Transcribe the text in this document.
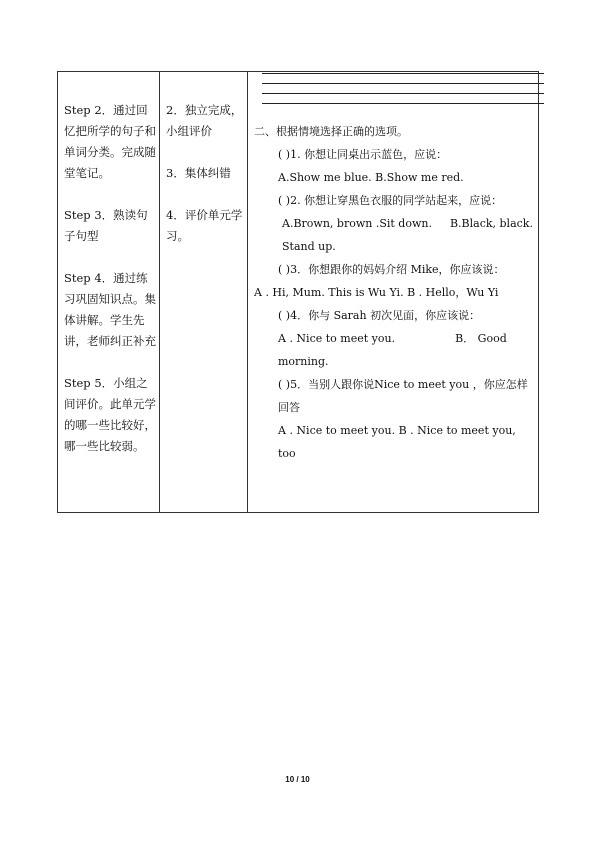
Step 2．通过回忆把所学的句子和单词分类。完成随堂笔记。
Step 3．熟读句子句型
Step 4．通过练习巩固知识点。集体讲解。学生先讲，老师纠正补充
Step 5．小组之间评价。此单元学的哪一些比较好，哪一些比较弱。
2．独立完成，小组评价
3．集体纠错
4．评价单元学习。

二、根据情境选择正确的选项。

( )1. 你想让同桌出示蓝色，应说：

A.Show me blue. B.Show me red.

( )2. 你想让穿黑色衣服的同学站起来，应说：

A.Brown, brown .Sit down. B.Black, black. Stand up.

( )3．你想跟你的妈妈介绍 Mike，你应该说：

A . Hi, Mum. This is Wu Yi. B . Hello，Wu Yi

( )4．你与 Sarah 初次见面，你应该说：

A . Nice to meet you.	B． Good morning.

( )5．当别人跟你说Nice to meet you ，你应怎样回答

A . Nice to meet you. B . Nice to meet you, too

10 / 10
